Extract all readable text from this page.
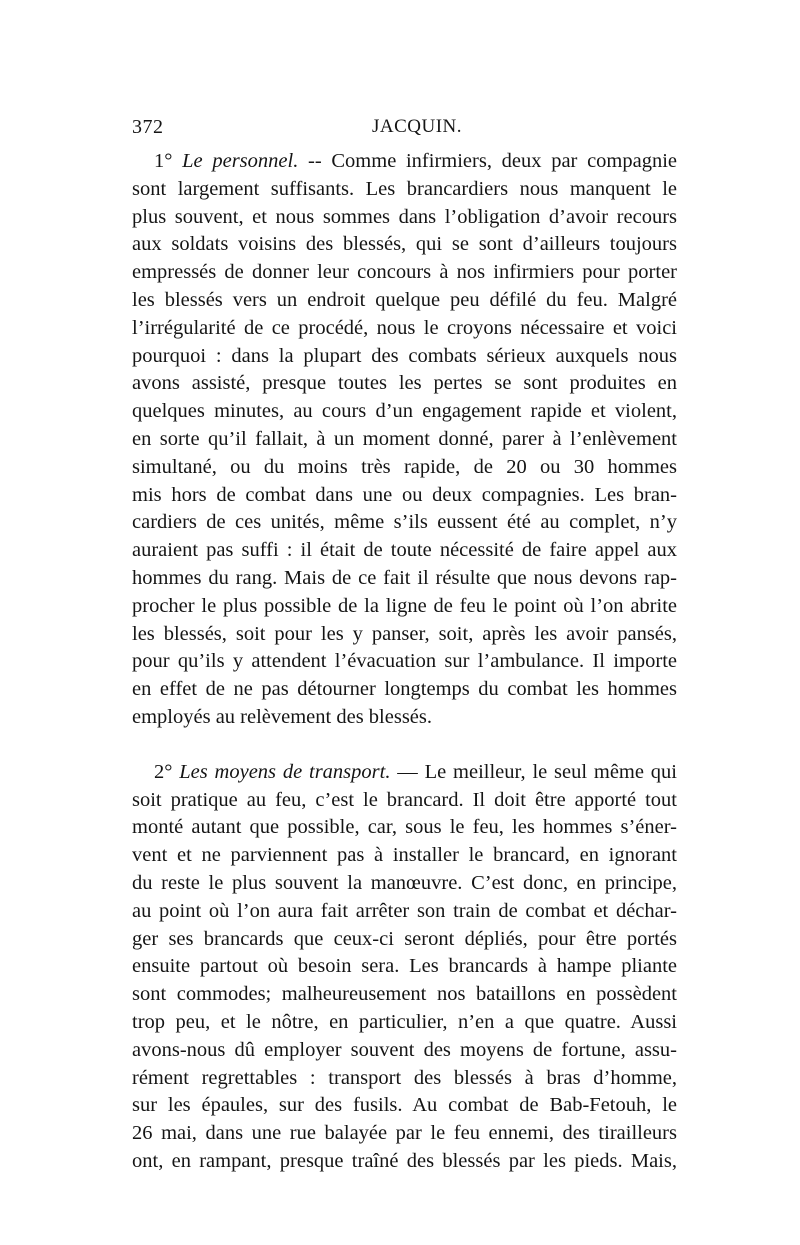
372	JACQUIN.
1° Le personnel. -- Comme infirmiers, deux par compagnie
sont largement suffisants. Les brancardiers nous manquent le
plus souvent, et nous sommes dans l’obligation d’avoir recours
aux soldats voisins des blessés, qui se sont d’ailleurs toujours
empressés de donner leur concours à nos infirmiers pour porter
les blessés vers un endroit quelque peu défilé du feu. Malgré
l’irrégularité de ce procédé, nous le croyons nécessaire et voici
pourquoi : dans la plupart des combats sérieux auxquels nous
avons assisté, presque toutes les pertes se sont produites en
quelques minutes, au cours d’un engagement rapide et violent,
en sorte qu’il fallait, à un moment donné, parer à l’enlèvement
simultané, ou du moins très rapide, de 20 ou 30 hommes
mis hors de combat dans une ou deux compagnies. Les bran-
cardiers de ces unités, même s’ils eussent été au complet, n’y
auraient pas suffi : il était de toute nécessité de faire appel aux
hommes du rang. Mais de ce fait il résulte que nous devons rap-
procher le plus possible de la ligne de feu le point où l’on abrite
les blessés, soit pour les y panser, soit, après les avoir pansés,
pour qu’ils y attendent l’évacuation sur l’ambulance. Il importe
en effet de ne pas détourner longtemps du combat les hommes
employés au relèvement des blessés.
2° Les moyens de transport. — Le meilleur, le seul même qui
soit pratique au feu, c’est le brancard. Il doit être apporté tout
monté autant que possible, car, sous le feu, les hommes s’éner-
vent et ne parviennent pas à installer le brancard, en ignorant
du reste le plus souvent la manœuvre. C’est donc, en principe,
au point où l’on aura fait arrêter son train de combat et déchar-
ger ses brancards que ceux-ci seront dépliés, pour être portés
ensuite partout où besoin sera. Les brancards à hampe pliante
sont commodes; malheureusement nos bataillons en possèdent
trop peu, et le nôtre, en particulier, n’en a que quatre. Aussi
avons-nous dû employer souvent des moyens de fortune, assu-
rément regrettables : transport des blessés à bras d’homme,
sur les épaules, sur des fusils. Au combat de Bab-Fetouh, le
26 mai, dans une rue balayée par le feu ennemi, des tirailleurs
ont, en rampant, presque traîné des blessés par les pieds. Mais,
